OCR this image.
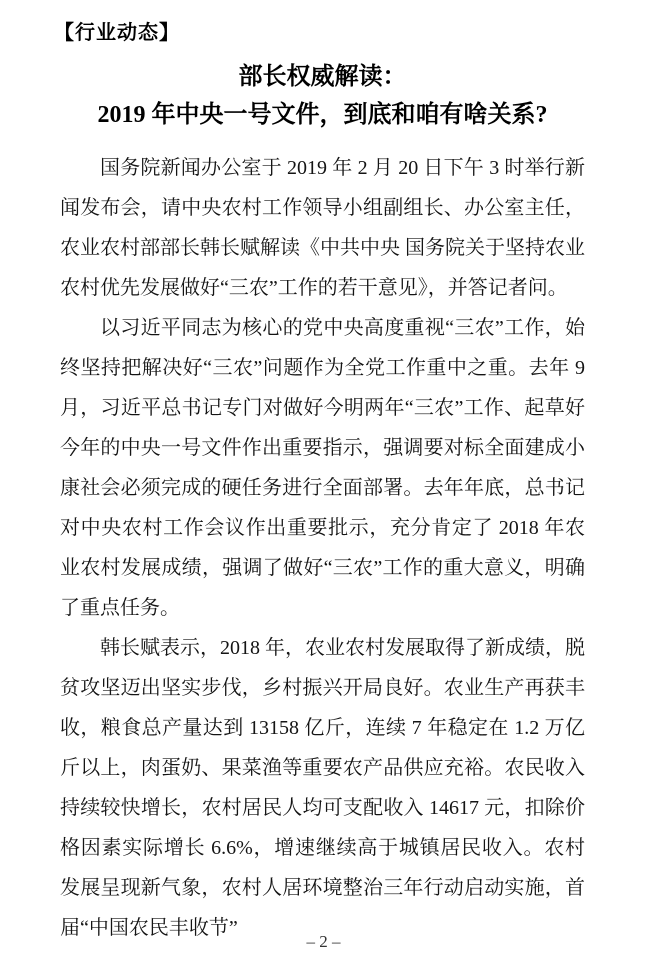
【行业动态】
部长权威解读：
2019 年中央一号文件，到底和咱有啥关系?

国务院新闻办公室于 2019 年 2 月 20 日下午 3 时举行新闻发布会，请中央农村工作领导小组副组长、办公室主任，农业农村部部长韩长赋解读《中共中央 国务院关于坚持农业农村优先发展做好“三农”工作的若干意见》，并答记者问。

以习近平同志为核心的党中央高度重视“三农”工作，始终坚持把解决好“三农”问题作为全党工作重中之重。去年 9 月，习近平总书记专门对做好今明两年“三农”工作、起草好今年的中央一号文件作出重要指示，强调要对标全面建成小康社会必须完成的硬任务进行全面部署。去年年底，总书记对中央农村工作会议作出重要批示，充分肯定了 2018 年农业农村发展成绩，强调了做好“三农”工作的重大意义，明确了重点任务。

韩长赋表示，2018 年，农业农村发展取得了新成绩，脱贫攻坚迈出坚实步伐，乡村振兴开局良好。农业生产再获丰收，粮食总产量达到 13158 亿斤，连续 7 年稳定在 1.2 万亿斤以上，肉蛋奶、果菜渔等重要农产品供应充裕。农民收入持续较快增长，农村居民人均可支配收入 14617 元，扣除价格因素实际增长 6.6%，增速继续高于城镇居民收入。农村发展呈现新气象，农村人居环境整治三年行动启动实施，首届“中国农民丰收节”

– 2 –
